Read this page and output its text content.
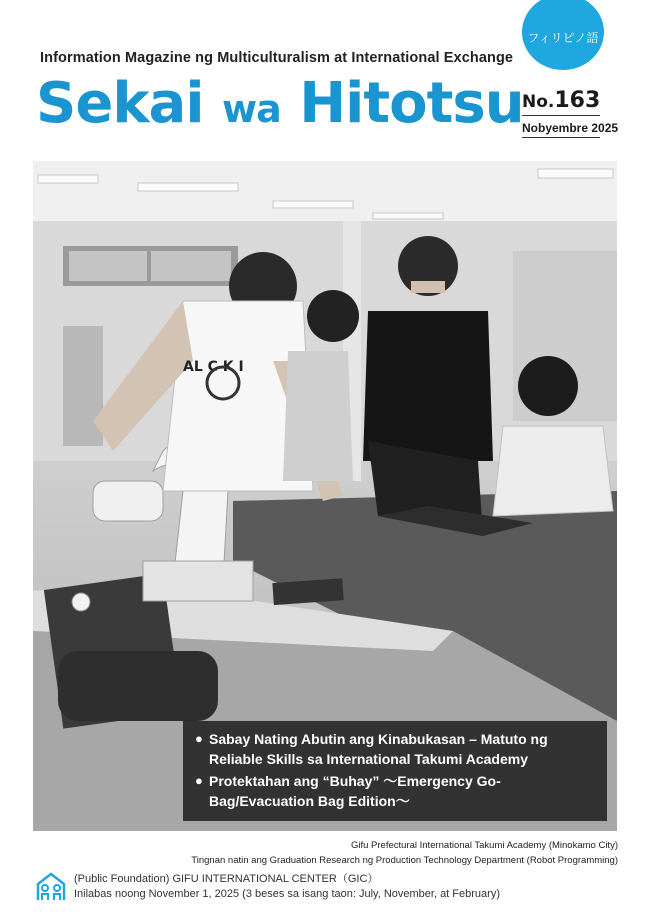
フィリピノ語
Information Magazine ng Multiculturalism at International Exchange
Sekai wa Hitotsu
No.163
Nobyembre 2025
AL C K I
● Sabay Nating Abutin ang Kinabukasan – Matuto ng Reliable Skills sa International Takumi Academy
● Protektahan ang “Buhay” ～Emergency Go-Bag/Evacuation Bag Edition～
Gifu Prefectural International Takumi Academy (Minokamo City)
Tingnan natin ang Graduation Research ng Production Technology Department (Robot Programming)
(Public Foundation) GIFU INTERNATIONAL CENTER（GIC）
Inilabas noong November 1, 2025 (3 beses sa isang taon: July, November, at February)
